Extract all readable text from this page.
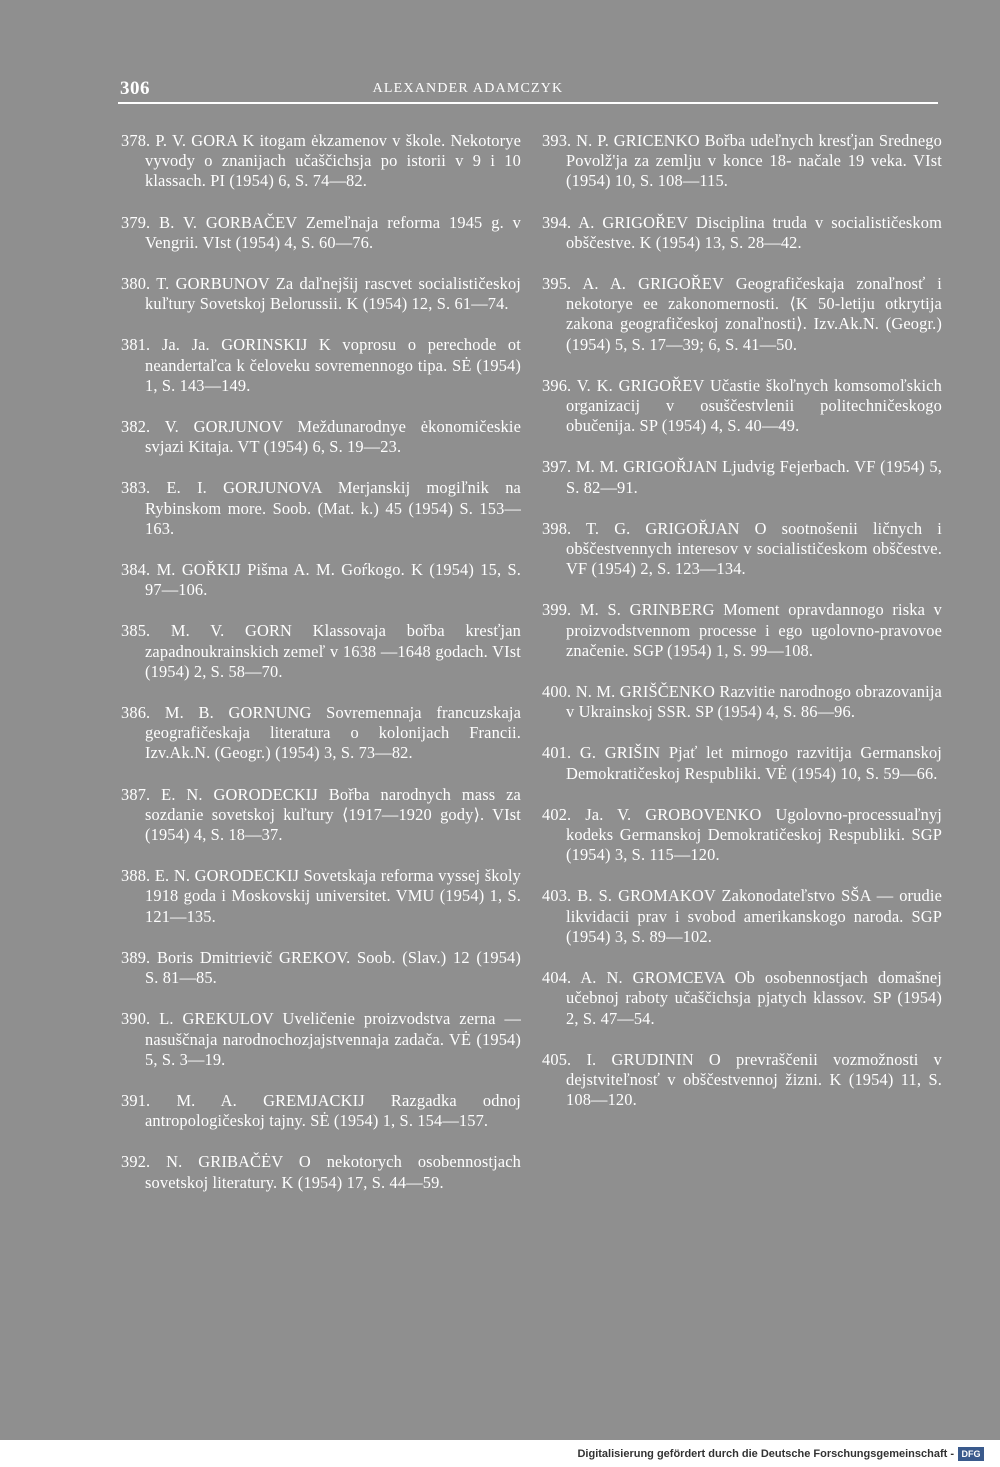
306	ALEXANDER ADAMCZYK

378. P. V. GORA K itogam ėkzamenov v škole. Nekotorye vyvody o znanijach učaščichsja po istorii v 9 i 10 klassach. PI (1954) 6, S. 74—82.

379. B. V. GORBAČEV Zemeľnaja reforma 1945 g. v Vengrii. VIst (1954) 4, S. 60—76.

380. T. GORBUNOV Za daľnejšij rascvet socialističeskoj kuľtury Sovetskoj Belorussii. K (1954) 12, S. 61—74.

381. Ja. Ja. GORINSKIJ K voprosu o perechode ot neandertaľca k čeloveku sovremennogo tipa. SĖ (1954) 1, S. 143—149.

382. V. GORJUNOV Meždunarodnye ėkonomičeskie svjazi Kitaja. VT (1954) 6, S. 19—23.

383. E. I. GORJUNOVA Merjanskij mogiľnik na Rybinskom more. Soob. (Mat. k.) 45 (1954) S. 153—163.

384. M. GOŘKIJ Pišma A. M. Goŕkogo. K (1954) 15, S. 97—106.

385. M. V. GORN Klassovaja bořba kresťjan zapadnoukrainskich zemeľ v 1638 —1648 godach. VIst (1954) 2, S. 58—70.

386. M. B. GORNUNG Sovremennaja francuzskaja geografičeskaja literatura o kolonijach Francii. Izv.Ak.N. (Geogr.) (1954) 3, S. 73—82.

387. E. N. GORODECKIJ Bořba narodnych mass za sozdanie sovetskoj kuľtury ⟨1917—1920 gody⟩. VIst (1954) 4, S. 18—37.

388. E. N. GORODECKIJ Sovetskaja reforma vyssej školy 1918 goda i Moskovskij universitet. VMU (1954) 1, S. 121—135.

389. Boris Dmitrievič GREKOV. Soob. (Slav.) 12 (1954) S. 81—85.

390. L. GREKULOV Uveličenie proizvodstva zerna — nasuščnaja narodnochozjajstvennaja zadača. VĖ (1954) 5, S. 3—19.

391. M. A. GREMJACKIJ Razgadka odnoj antropologičeskoj tajny. SĖ (1954) 1, S. 154—157.

392. N. GRIBAČĖV O nekotorych osobennostjach sovetskoj literatury. K (1954) 17, S. 44—59.

393. N. P. GRICENKO Bořba udeľnych kresťjan Srednego Povolž'ja za zemlju v konce 18- načale 19 veka. VIst (1954) 10, S. 108—115.

394. A. GRIGOŘEV Disciplina truda v socialističeskom obščestve. K (1954) 13, S. 28—42.

395. A. A. GRIGOŘEV Geografičeskaja zonaľnosť i nekotorye ee zakonomernosti. ⟨K 50-letiju otkrytija zakona geografičeskoj zonaľnosti⟩. Izv.Ak.N. (Geogr.) (1954) 5, S. 17—39; 6, S. 41—50.

396. V. K. GRIGOŘEV Učastie škoľnych komsomoľskich organizacij v osuščestvlenii politechničeskogo obučenija. SP (1954) 4, S. 40—49.

397. M. M. GRIGOŘJAN Ljudvig Fejerbach. VF (1954) 5, S. 82—91.

398. T. G. GRIGOŘJAN O sootnošenii ličnych i obščestvennych interesov v socialističeskom obščestve. VF (1954) 2, S. 123—134.

399. M. S. GRINBERG Moment opravdannogo riska v proizvodstvennom processe i ego ugolovno-pravovoe značenie. SGP (1954) 1, S. 99—108.

400. N. M. GRIŠČENKO Razvitie narodnogo obrazovanija v Ukrainskoj SSR. SP (1954) 4, S. 86—96.

401. G. GRIŠIN Pjať let mirnogo razvitija Germanskoj Demokratičeskoj Respubliki. VĖ (1954) 10, S. 59—66.

402. Ja. V. GROBOVENKO Ugolovno-processuaľnyj kodeks Germanskoj Demokratičeskoj Respubliki. SGP (1954) 3, S. 115—120.

403. B. S. GROMAKOV Zakonodateľstvo SŠA — orudie likvidacii prav i svobod amerikanskogo naroda. SGP (1954) 3, S. 89—102.

404. A. N. GROMCEVA Ob osobennostjach domašnej učebnoj raboty učaščichsja pjatych klassov. SP (1954) 2, S. 47—54.

405. I. GRUDININ O prevraščenii vozmožnosti v dejstviteľnosť v obščestvennoj žizni. K (1954) 11, S. 108—120.

Digitalisierung gefördert durch die Deutsche Forschungsgemeinschaft - DFG
